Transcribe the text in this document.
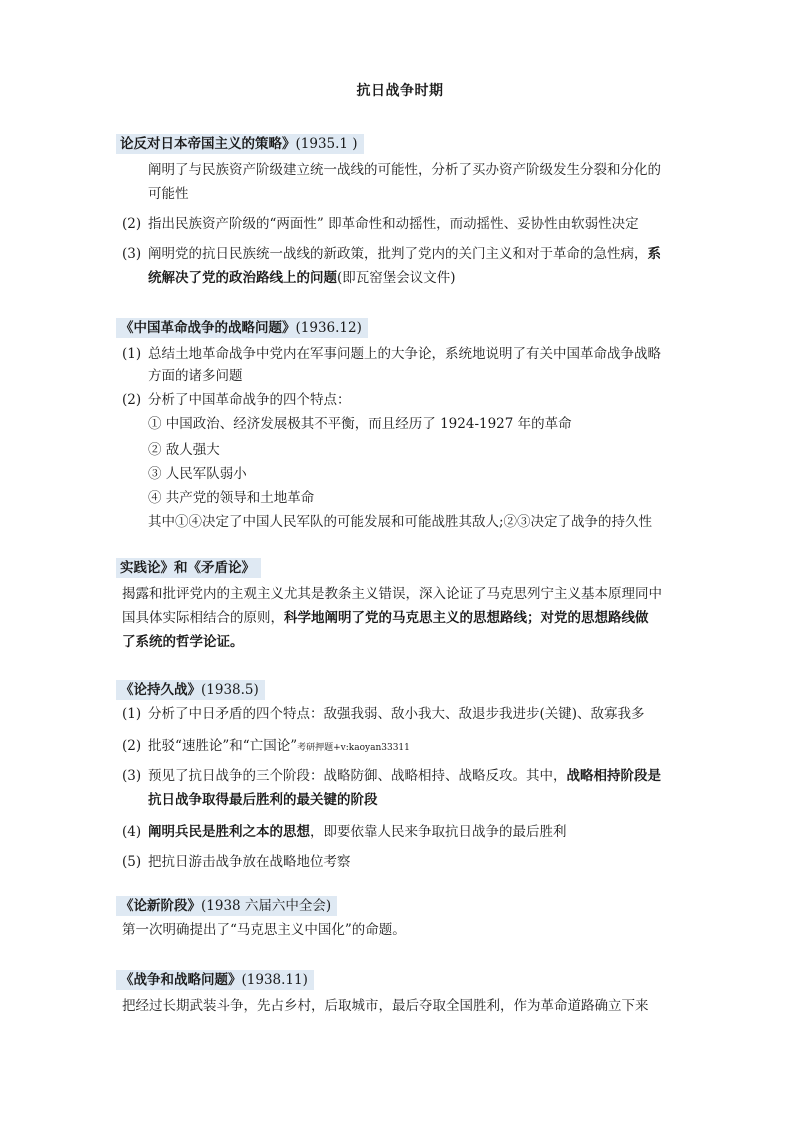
抗日战争时期
论反对日本帝国主义的策略》(1935.1 )
阐明了与民族资产阶级建立统一战线的可能性，分析了买办资产阶级发生分裂和分化的
可能性
(2) 指出民族资产阶级的“两面性” 即革命性和动摇性，而动摇性、妥协性由软弱性决定
(3) 阐明党的抗日民族统一战线的新政策，批判了党内的关门主义和对于革命的急性病，系
统解决了党的政治路线上的问题(即瓦窑堡会议文件)
《中国革命战争的战略问题》(1936.12)
(1) 总结土地革命战争中党内在军事问题上的大争论，系统地说明了有关中国革命战争战略
方面的诸多问题
(2) 分析了中国革命战争的四个特点：
① 中国政治、经济发展极其不平衡，而且经历了 1924-1927 年的革命
② 敌人强大
③ 人民军队弱小
④ 共产党的领导和土地革命
其中①④决定了中国人民军队的可能发展和可能战胜其敌人;②③决定了战争的持久性
实践论》和《矛盾论》
揭露和批评党内的主观主义尤其是教条主义错误，深入论证了马克思列宁主义基本原理同中
国具体实际相结合的原则，科学地阐明了党的马克思主义的思想路线；对党的思想路线做
了系统的哲学论证。
《论持久战》(1938.5)
(1) 分析了中日矛盾的四个特点：敌强我弱、敌小我大、敌退步我进步(关键)、敌寡我多
(2) 批驳“速胜论”和“亡国论”考研押题+v:kaoyan33311
(3) 预见了抗日战争的三个阶段：战略防御、战略相持、战略反攻。其中，战略相持阶段是
抗日战争取得最后胜利的最关键的阶段
(4) 阐明兵民是胜利之本的思想，即要依靠人民来争取抗日战争的最后胜利
(5) 把抗日游击战争放在战略地位考察
《论新阶段》(1938 六届六中全会)
第一次明确提出了“马克思主义中国化”的命题。
《战争和战略问题》(1938.11)
把经过长期武装斗争，先占乡村，后取城市，最后夺取全国胜利，作为革命道路确立下来
